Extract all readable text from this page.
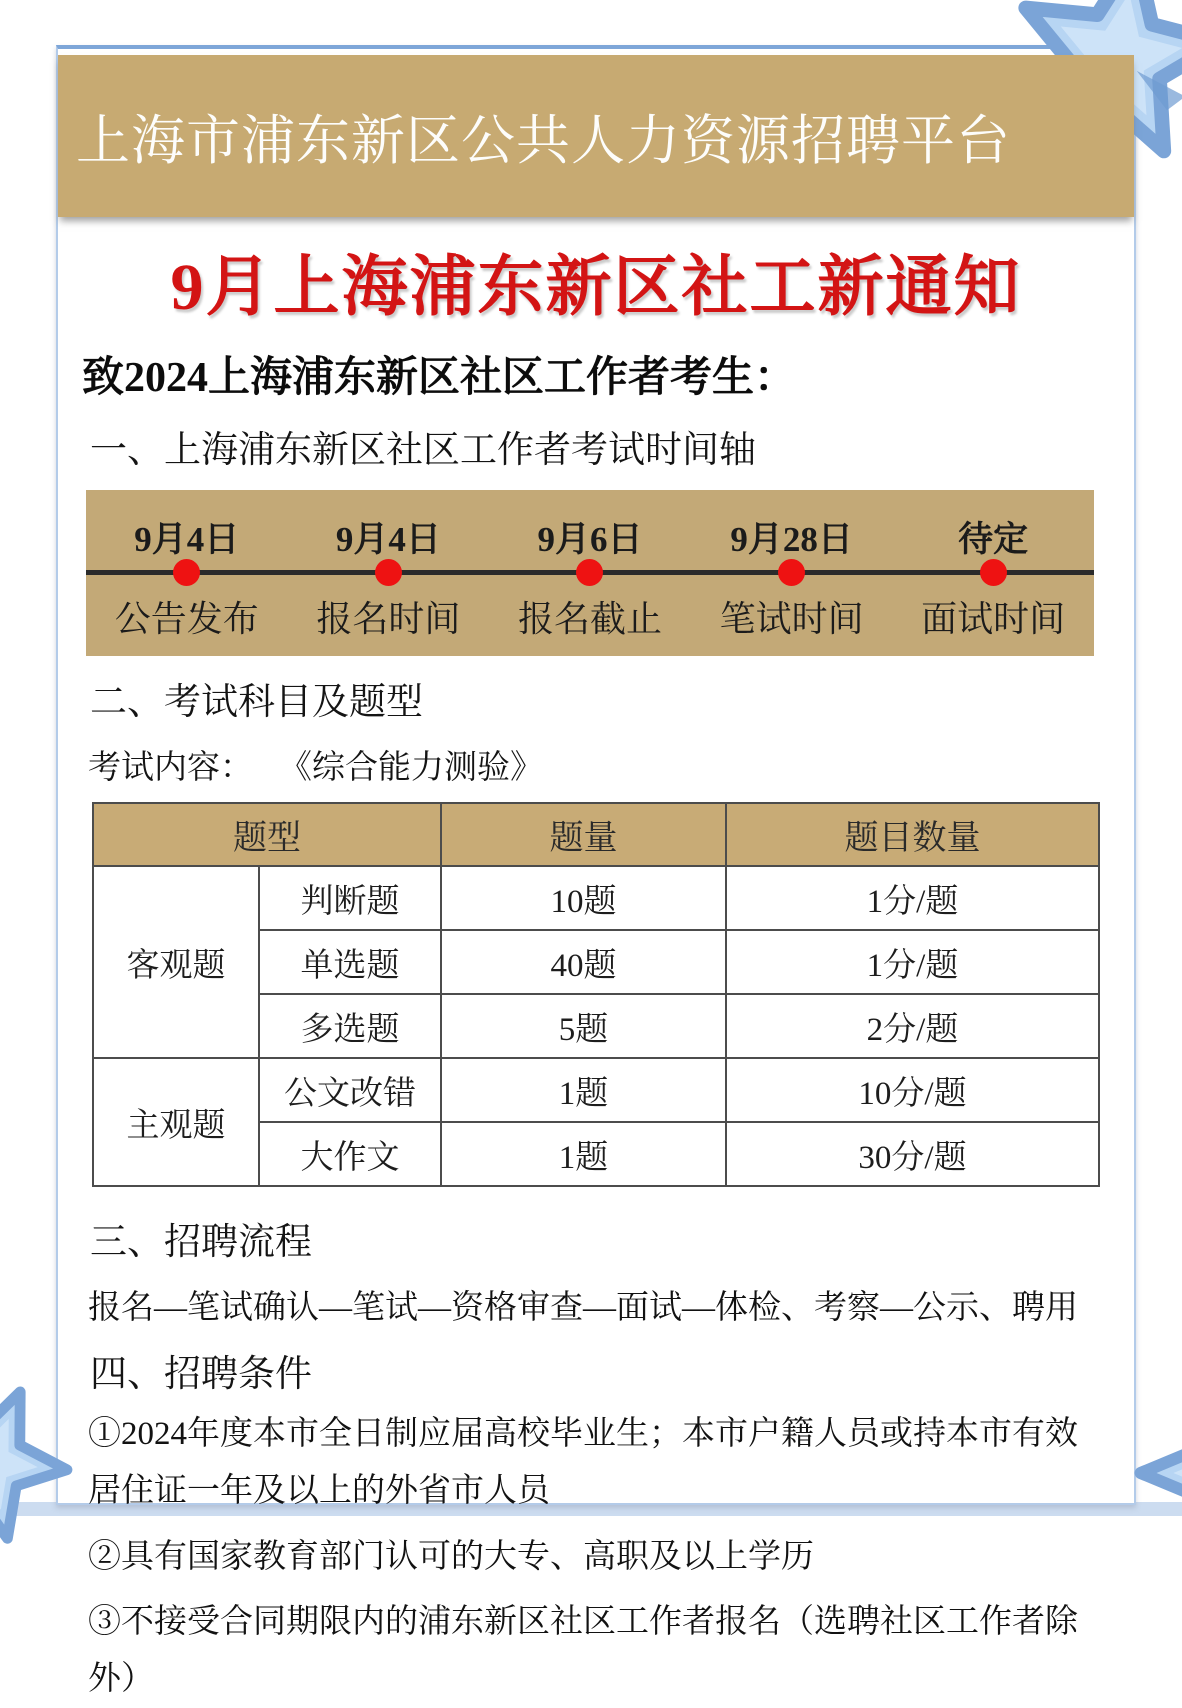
上海市浦东新区公共人力资源招聘平台
9月上海浦东新区社工新通知
致2024上海浦东新区社区工作者考生：
一、上海浦东新区社区工作者考试时间轴
9月4日
公告发布
9月4日
报名时间
9月6日
报名截止
9月28日
笔试时间
待定
面试时间
二、考试科目及题型
考试内容： 《综合能力测验》
题型		题量	题目数量
客观题	判断题	10题	1分/题
	单选题	40题	1分/题
	多选题	5题	2分/题
主观题	公文改错	1题	10分/题
	大作文	1题	30分/题
三、招聘流程
报名—笔试确认—笔试—资格审查—面试—体检、考察—公示、聘用
四、招聘条件
①2024年度本市全日制应届高校毕业生；本市户籍人员或持本市有效居住证一年及以上的外省市人员
②具有国家教育部门认可的大专、高职及以上学历
③不接受合同期限内的浦东新区社区工作者报名（选聘社区工作者除外）
